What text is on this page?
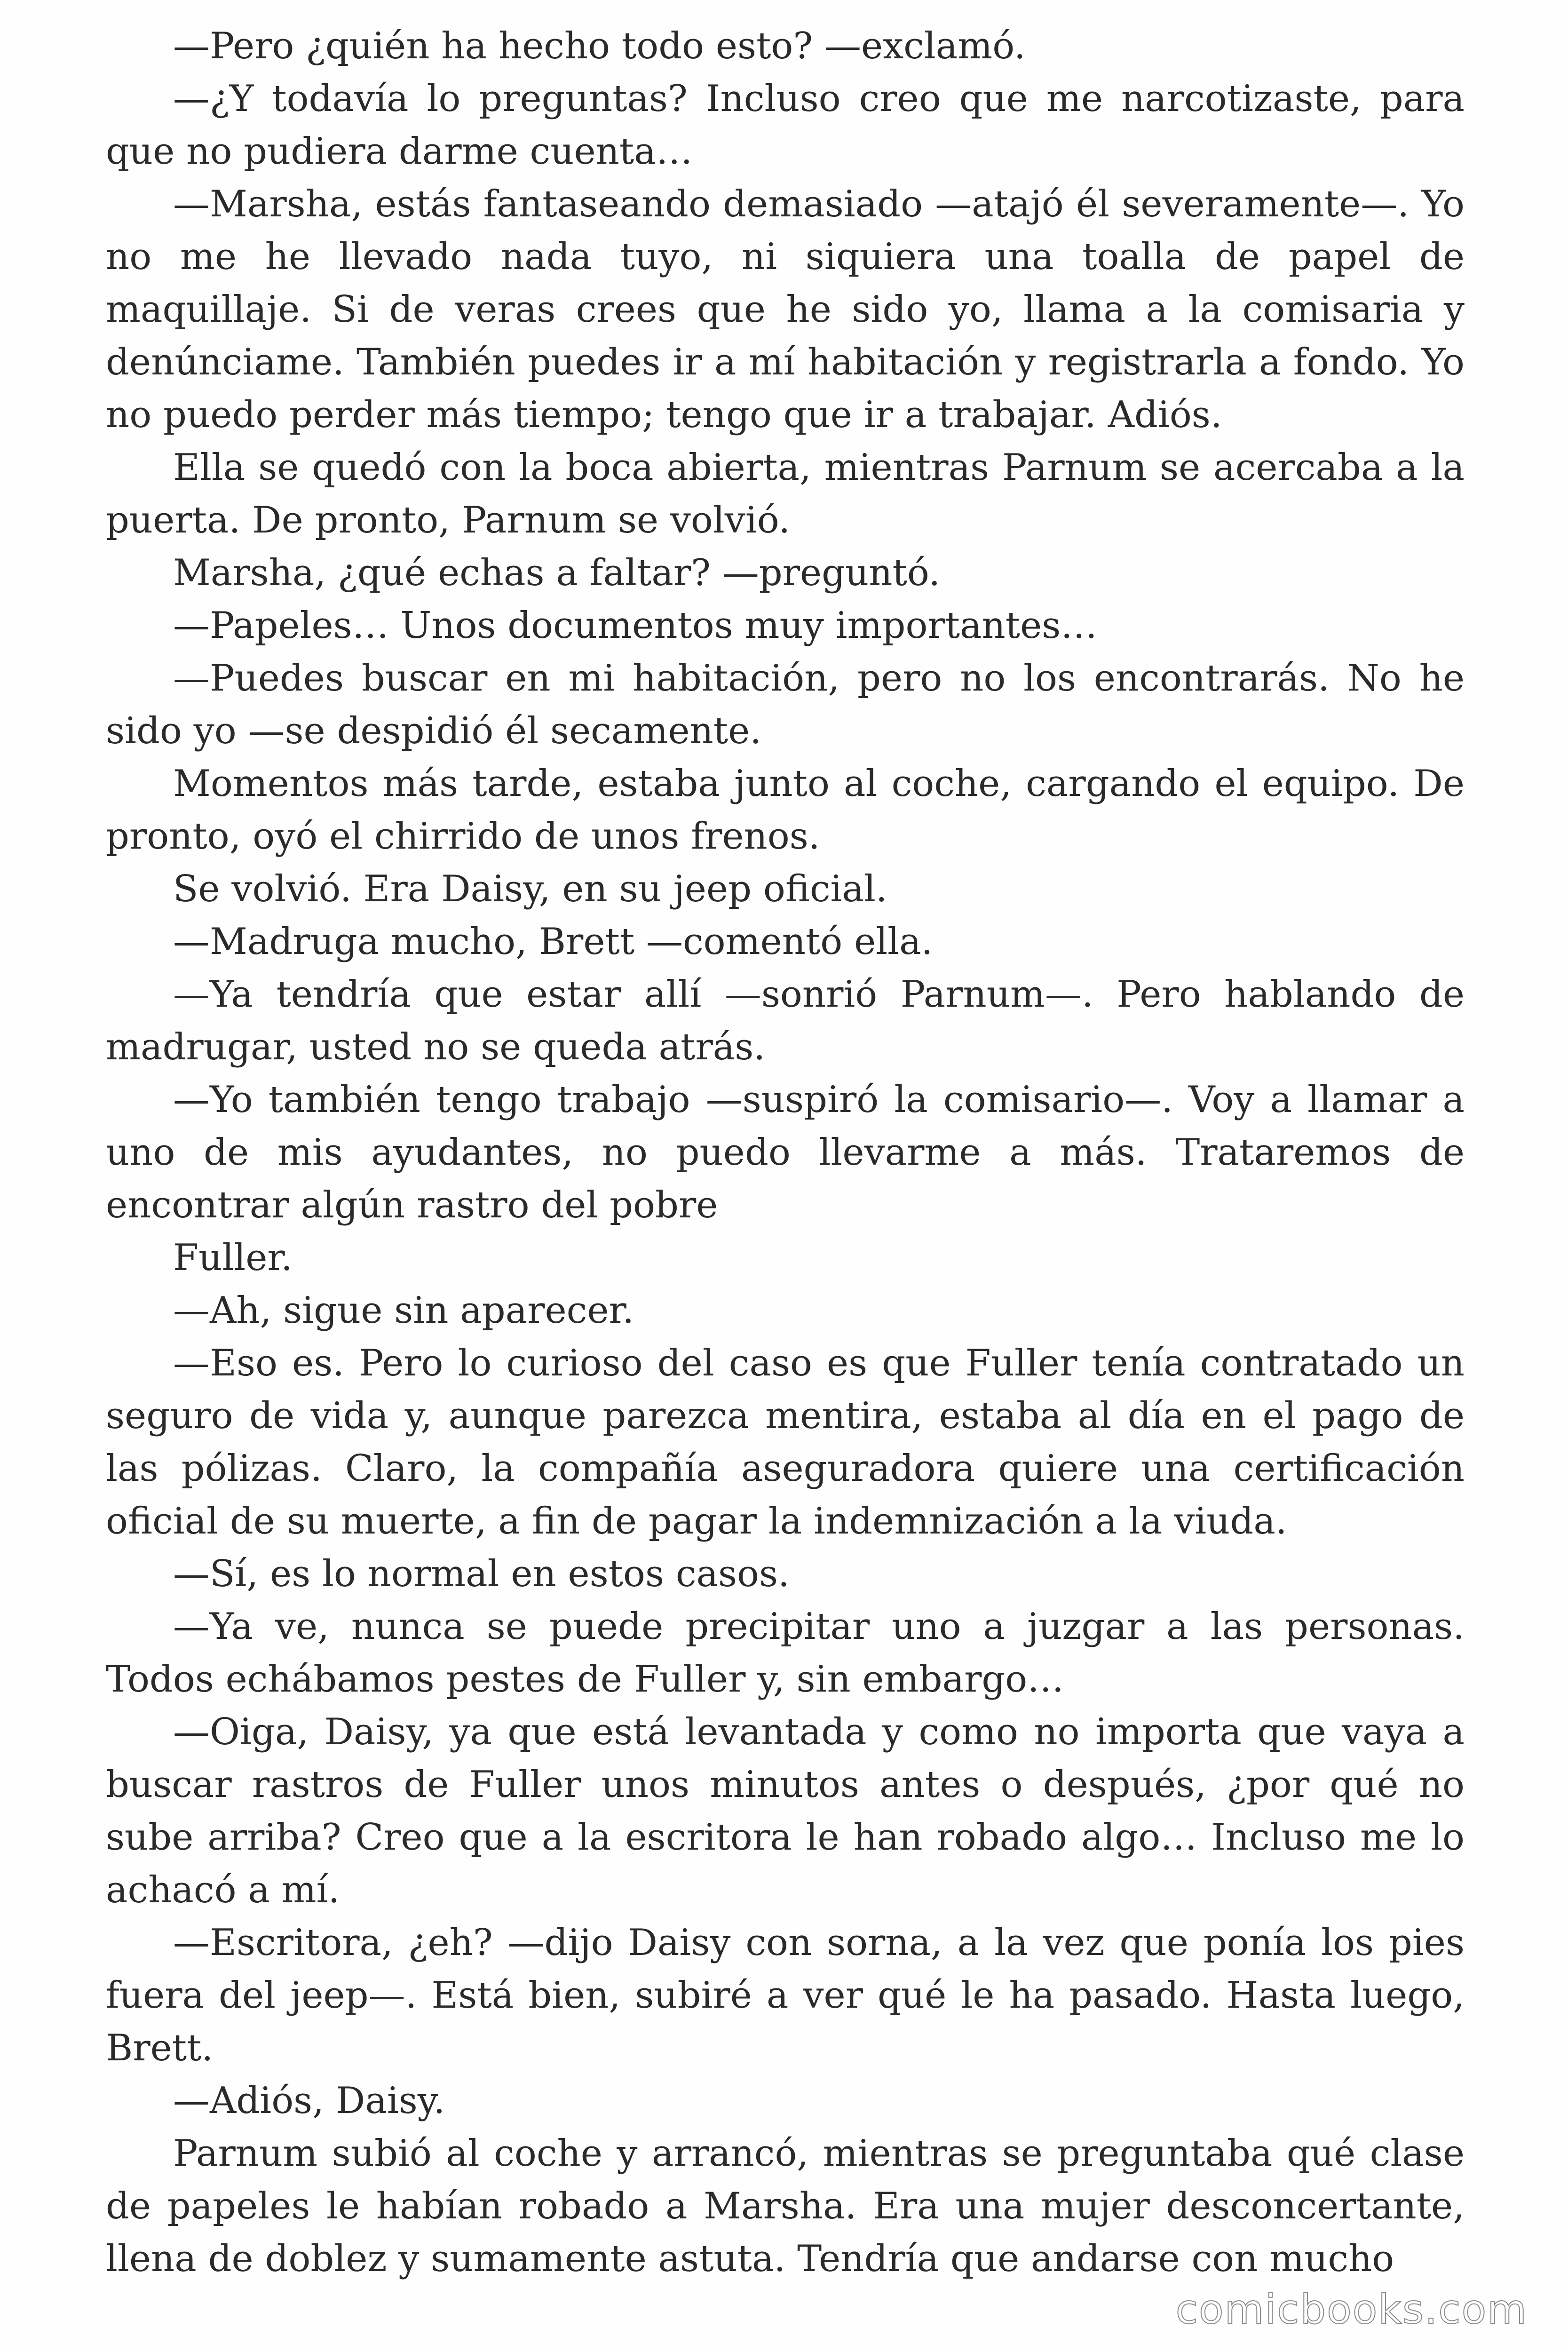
—Pero ¿quién ha hecho todo esto? —exclamó.

—¿Y todavía lo preguntas? Incluso creo que me narcotizaste, para que no pudiera darme cuenta…

—Marsha, estás fantaseando demasiado —atajó él severamente—. Yo no me he llevado nada tuyo, ni siquiera una toalla de papel de maquillaje. Si de veras crees que he sido yo, llama a la comisaria y denúnciame. También puedes ir a mí habitación y registrarla a fondo. Yo no puedo perder más tiempo; tengo que ir a trabajar. Adiós.

Ella se quedó con la boca abierta, mientras Parnum se acercaba a la puerta. De pronto, Parnum se volvió.

Marsha, ¿qué echas a faltar? —preguntó.

—Papeles… Unos documentos muy importantes…

—Puedes buscar en mi habitación, pero no los encontrarás. No he sido yo —se despidió él secamente.

Momentos más tarde, estaba junto al coche, cargando el equipo. De pronto, oyó el chirrido de unos frenos.

Se volvió. Era Daisy, en su jeep oficial.

—Madruga mucho, Brett —comentó ella.

—Ya tendría que estar allí —sonrió Parnum—. Pero hablando de madrugar, usted no se queda atrás.

—Yo también tengo trabajo —suspiró la comisario—. Voy a llamar a uno de mis ayudantes, no puedo llevarme a más. Trataremos de encontrar algún rastro del pobre

Fuller.

—Ah, sigue sin aparecer.

—Eso es. Pero lo curioso del caso es que Fuller tenía contratado un seguro de vida y, aunque parezca mentira, estaba al día en el pago de las pólizas. Claro, la compañía aseguradora quiere una certificación oficial de su muerte, a fin de pagar la indemnización a la viuda.

—Sí, es lo normal en estos casos.

—Ya ve, nunca se puede precipitar uno a juzgar a las personas. Todos echábamos pestes de Fuller y, sin embargo…

—Oiga, Daisy, ya que está levantada y como no importa que vaya a buscar rastros de Fuller unos minutos antes o después, ¿por qué no sube arriba? Creo que a la escritora le han robado algo… Incluso me lo achacó a mí.

—Escritora, ¿eh? —dijo Daisy con sorna, a la vez que ponía los pies fuera del jeep—. Está bien, subiré a ver qué le ha pasado. Hasta luego, Brett.

—Adiós, Daisy.

Parnum subió al coche y arrancó, mientras se preguntaba qué clase de papeles le habían robado a Marsha. Era una mujer desconcertante, llena de doblez y sumamente astuta. Tendría que andarse con mucho

comicbooks.com
